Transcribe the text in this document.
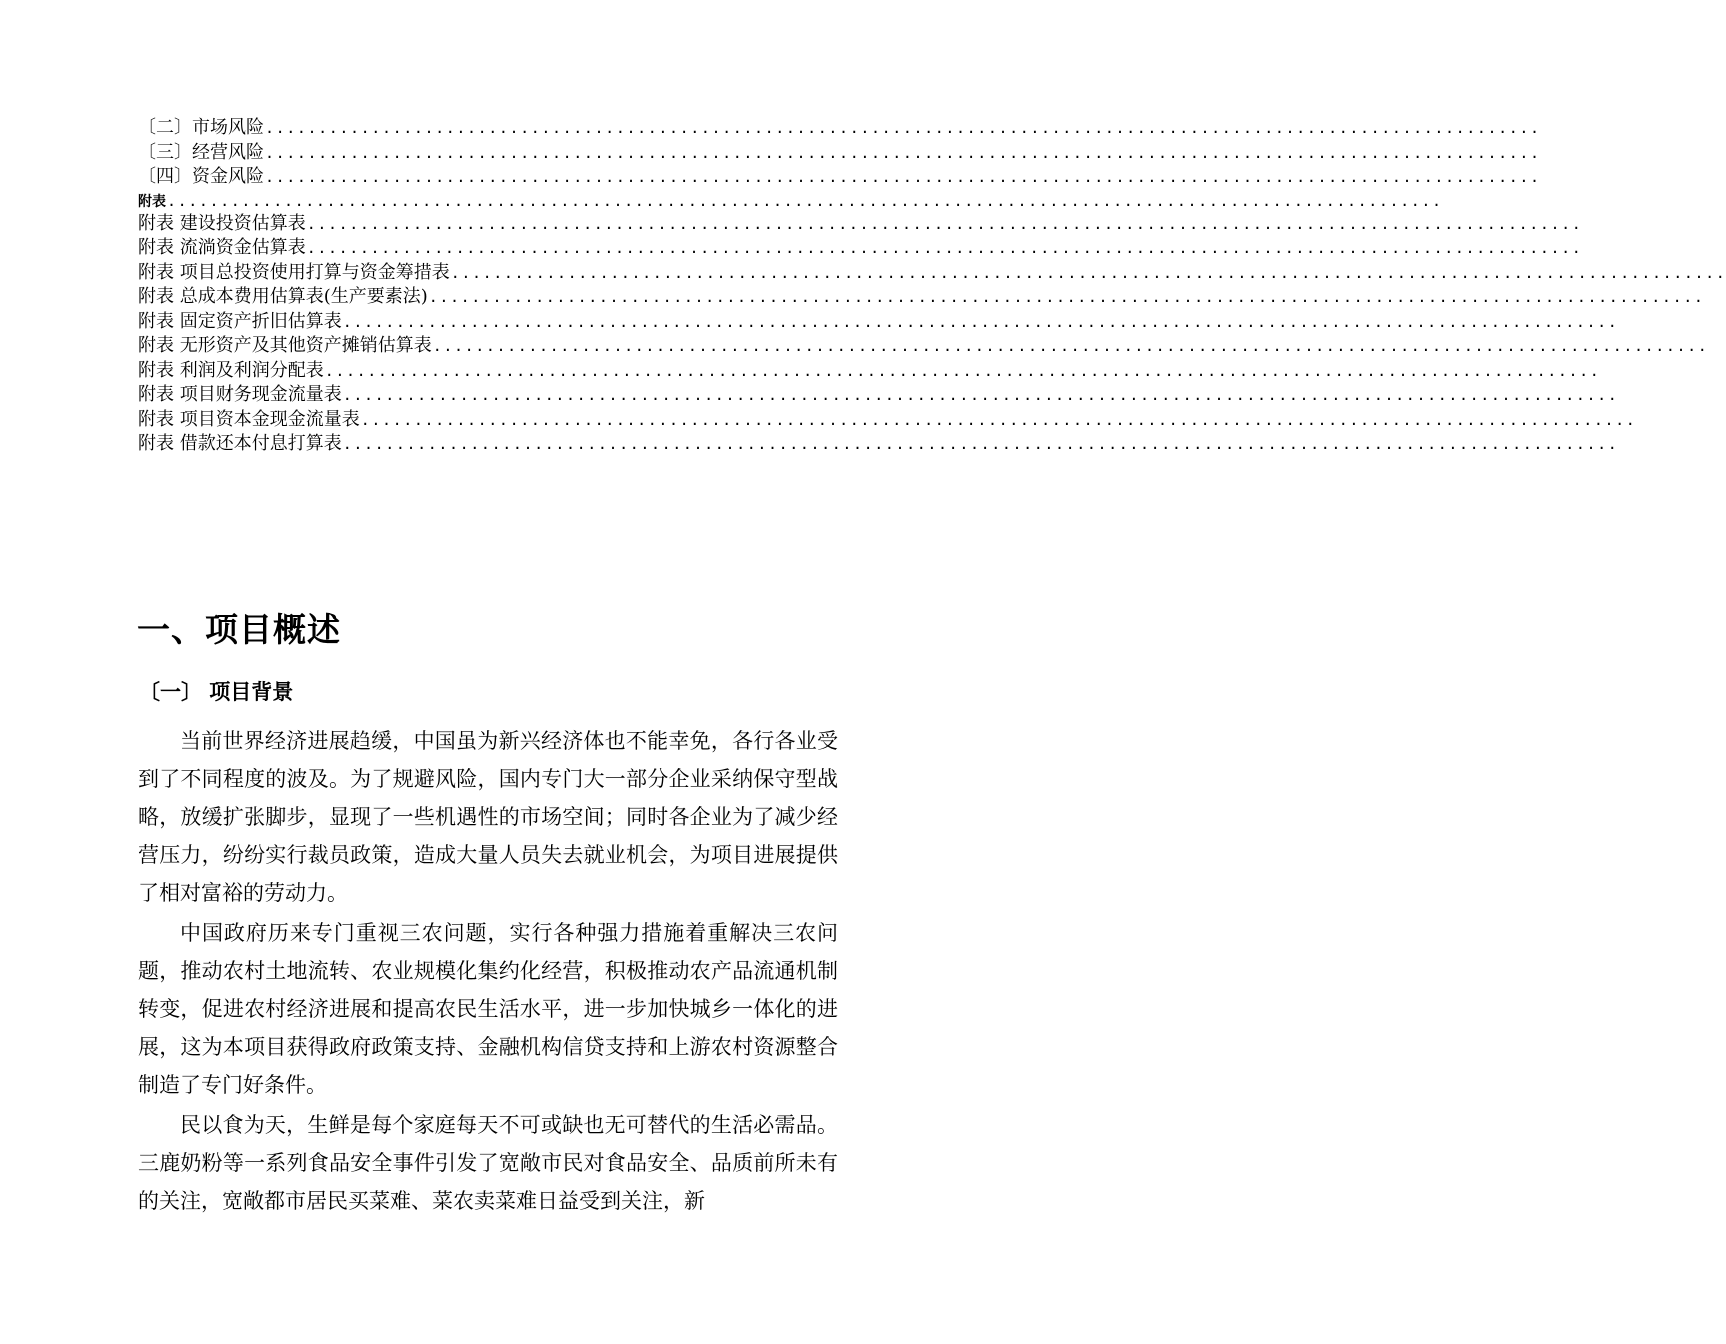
〔二〕市场风险 ........................................................................................................................
〔三〕经营风险 ........................................................................................................................
〔四〕资金风险 ........................................................................................................................
附表 ........................................................................................................................
附表 建设投资估算表 ........................................................................................................................
附表 流淌资金估算表 ........................................................................................................................
附表 项目总投资使用打算与资金筹措表 ........................................................................................................................
附表 总成本费用估算表(生产要素法) ........................................................................................................................
附表 固定资产折旧估算表 ........................................................................................................................
附表 无形资产及其他资产摊销估算表 ........................................................................................................................
附表 利润及利润分配表 ........................................................................................................................
附表 项目财务现金流量表 ........................................................................................................................
附表 项目资本金现金流量表 ........................................................................................................................
附表 借款还本付息打算表 ........................................................................................................................
一、项目概述
〔一〕 项目背景

当前世界经济进展趋缓，中国虽为新兴经济体也不能幸免，各行各业受到了不同程度的波及。为了规避风险，国内专门大一部分企业采纳保守型战略，放缓扩张脚步，显现了一些机遇性的市场空间；同时各企业为了减少经营压力，纷纷实行裁员政策，造成大量人员失去就业机会，为项目进展提供了相对富裕的劳动力。

中国政府历来专门重视三农问题，实行各种强力措施着重解决三农问题，推动农村土地流转、农业规模化集约化经营，积极推动农产品流通机制转变，促进农村经济进展和提高农民生活水平，进一步加快城乡一体化的进展，这为本项目获得政府政策支持、金融机构信贷支持和上游农村资源整合制造了专门好条件。

民以食为天，生鲜是每个家庭每天不可或缺也无可替代的生活必需品。三鹿奶粉等一系列食品安全事件引发了宽敞市民对食品安全、品质前所未有的关注，宽敞都市居民买菜难、菜农卖菜难日益受到关注，新
